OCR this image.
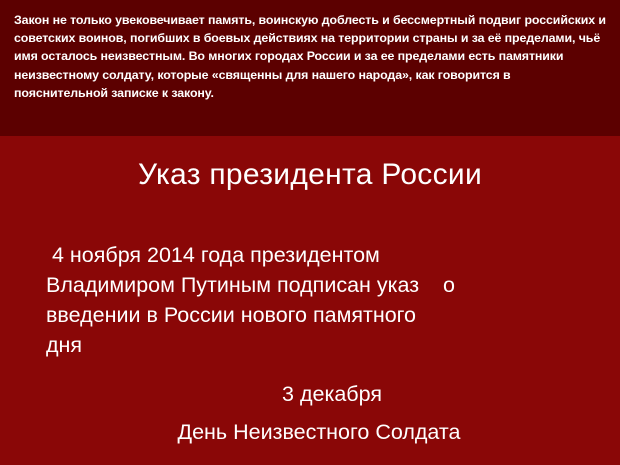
Закон не только увековечивает память, воинскую доблесть и бессмертный подвиг российских и советских воинов, погибших в боевых действиях на территории страны и за её пределами, чьё имя осталось неизвестным. Во многих городах России и за ее пределами есть памятники неизвестному солдату, которые «священны для нашего народа», как говорится в пояснительной записке к закону.
Указ президента России
4 ноября 2014 года президентом
Владимиром Путиным подписан указ    о
введении в России нового памятного
дня
3 декабря
День Неизвестного Солдата
